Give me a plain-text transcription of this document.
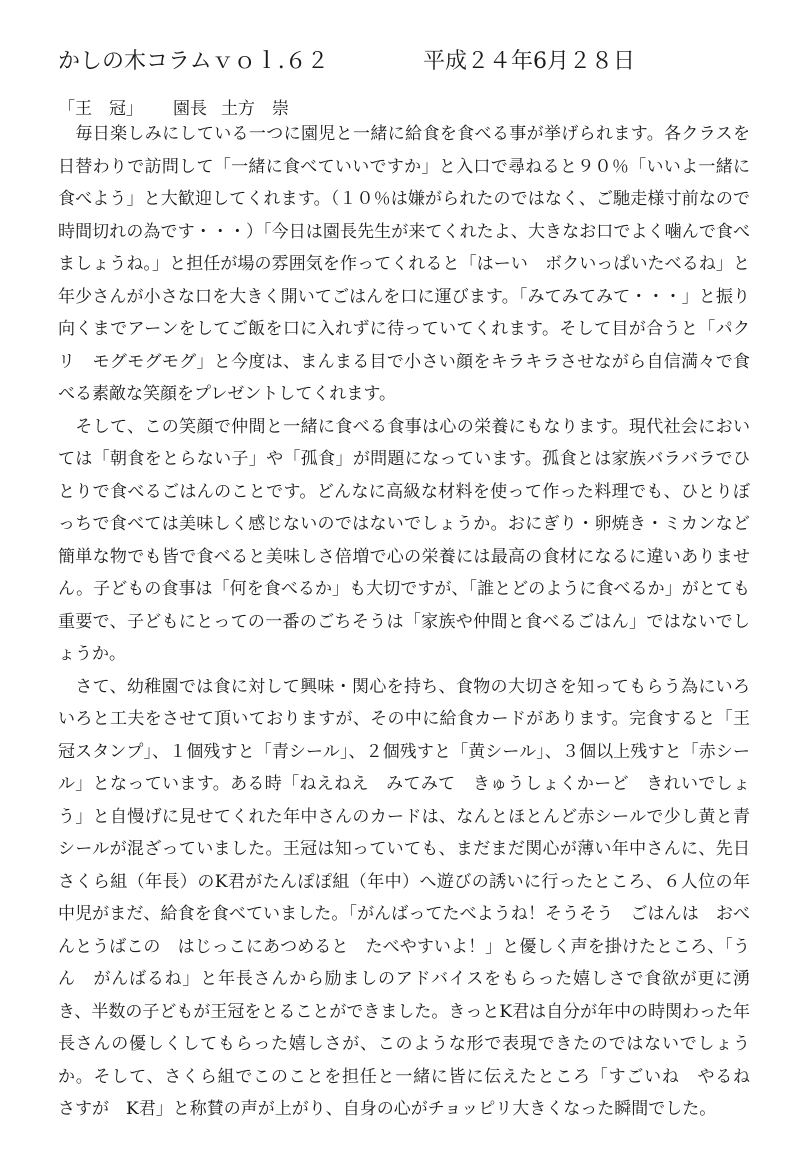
かしの木コラムｖｏｌ.６２	平成２４年6月２８日
「王　冠」 園長 土方　崇

　毎日楽しみにしている一つに園児と一緒に給食を食べる事が挙げられます。各クラスを日替わりで訪問して「一緒に食べていいですか」と入口で尋ねると９０％「いいよ一緒に食べよう」と大歓迎してくれます。（１０％は嫌がられたのではなく、ご馳走様寸前なので時間切れの為です・・・）「今日は園長先生が来てくれたよ、大きなお口でよく噛んで食べましょうね。」と担任が場の雰囲気を作ってくれると「はーい　ボクいっぱいたべるね」と年少さんが小さな口を大きく開いてごはんを口に運びます。「みてみてみて・・・」と振り向くまでアーンをしてご飯を口に入れずに待っていてくれます。そして目が合うと「パクリ　モグモグモグ」と今度は、まんまる目で小さい顔をキラキラさせながら自信満々で食べる素敵な笑顔をプレゼントしてくれます。

　そして、この笑顔で仲間と一緒に食べる食事は心の栄養にもなります。現代社会においては「朝食をとらない子」や「孤食」が問題になっています。孤食とは家族バラバラでひとりで食べるごはんのことです。どんなに高級な材料を使って作った料理でも、ひとりぼっちで食べては美味しく感じないのではないでしょうか。おにぎり・卵焼き・ミカンなど簡単な物でも皆で食べると美味しさ倍増で心の栄養には最高の食材になるに違いありません。子どもの食事は「何を食べるか」も大切ですが、「誰とどのように食べるか」がとても重要で、子どもにとっての一番のごちそうは「家族や仲間と食べるごはん」ではないでしょうか。

　さて、幼稚園では食に対して興味・関心を持ち、食物の大切さを知ってもらう為にいろいろと工夫をさせて頂いておりますが、その中に給食カードがあります。完食すると「王冠スタンプ」、１個残すと「青シール」、２個残すと「黄シール」、３個以上残すと「赤シール」となっています。ある時「ねえねえ　みてみて　きゅうしょくかーど　きれいでしょう」と自慢げに見せてくれた年中さんのカードは、なんとほとんど赤シールで少し黄と青シールが混ざっていました。王冠は知っていても、まだまだ関心が薄い年中さんに、先日さくら組（年長）のK君がたんぽぽ組（年中）へ遊びの誘いに行ったところ、６人位の年中児がまだ、給食を食べていました。「がんばってたべようね！そうそう　ごはんは　おべんとうばこの　はじっこにあつめると　たべやすいよ！」と優しく声を掛けたところ、「うん　がんばるね」と年長さんから励ましのアドバイスをもらった嬉しさで食欲が更に湧き、半数の子どもが王冠をとることができました。きっとK君は自分が年中の時関わった年長さんの優しくしてもらった嬉しさが、このような形で表現できたのではないでしょうか。そして、さくら組でこのことを担任と一緒に皆に伝えたところ「すごいね　やるね　さすが　K君」と称賛の声が上がり、自身の心がチョッピリ大きくなった瞬間でした。
